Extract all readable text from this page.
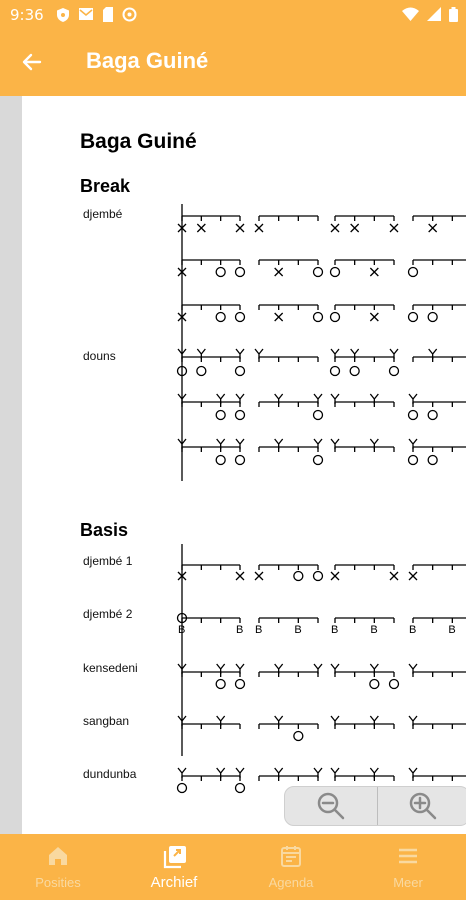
9:36
Baga Guiné
Baga Guiné
Break
djembé
douns
Basis
djembé 1
djembé 2
kensedeni
sangban
dundunba
B	B B	B	B	B	B	B
Posities	Archief	Agenda	Meer
